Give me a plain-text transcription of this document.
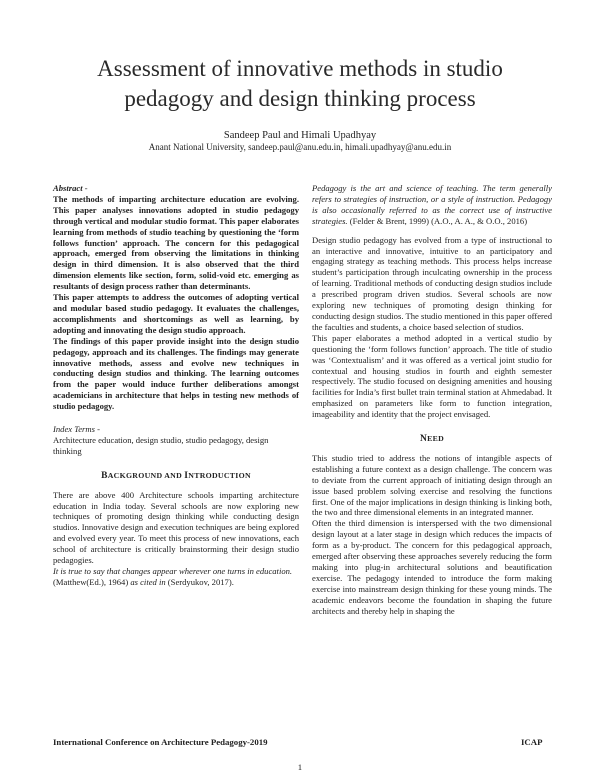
Assessment of innovative methods in studio pedagogy and design thinking process
Sandeep Paul and Himali Upadhyay
Anant National University, sandeep.paul@anu.edu.in, himali.upadhyay@anu.edu.in

Abstract -

The methods of imparting architecture education are evolving. This paper analyses innovations adopted in studio pedagogy through vertical and modular studio format. This paper elaborates learning from methods of studio teaching by questioning the ‘form follows function’ approach. The concern for this pedagogical approach, emerged from observing the limitations in thinking design in third dimension. It is also observed that the third dimension elements like section, form, solid-void etc. emerging as resultants of design process rather than determinants.

This paper attempts to address the outcomes of adopting vertical and modular based studio pedagogy. It evaluates the challenges, accomplishments and shortcomings as well as learning, by adopting and innovating the design studio approach.

The findings of this paper provide insight into the design studio pedagogy, approach and its challenges. The findings may generate innovative methods, assess and evolve new techniques in conducting design studios and thinking. The learning outcomes from the paper would induce further deliberations amongst academicians in architecture that helps in testing new methods of studio pedagogy.

Index Terms -

Architecture education, design studio, studio pedagogy, design thinking

BACKGROUND AND INTRODUCTION

There are above 400 Architecture schools imparting architecture education in India today. Several schools are now exploring new techniques of promoting design thinking while conducting design studios. Innovative design and execution techniques are being explored and evolved every year. To meet this process of new innovations, each school of architecture is critically brainstorming their design studio pedagogies.

It is true to say that changes appear wherever one turns in education. (Matthew(Ed.), 1964) as cited in (Serdyukov, 2017).

Pedagogy is the art and science of teaching. The term generally refers to strategies of instruction, or a style of instruction. Pedagogy is also occasionally referred to as the correct use of instructive strategies. (Felder & Brent, 1999) (A.O., A. A., & O.O., 2016)

Design studio pedagogy has evolved from a type of instructional to an interactive and innovative, intuitive to an participatory and engaging strategy as teaching methods. This process helps increase student’s participation through inculcating ownership in the process of learning. Traditional methods of conducting design studios include a prescribed program driven studios. Several schools are now exploring new techniques of promoting design thinking for conducting design studios. The studio mentioned in this paper offered the faculties and students, a choice based selection of studios.

This paper elaborates a method adopted in a vertical studio by questioning the ‘form follows function’ approach. The title of studio was ‘Contextualism’ and it was offered as a vertical joint studio for contextual and housing studios in fourth and eighth semester respectively. The studio focused on designing amenities and housing facilities for India’s first bullet train terminal station at Ahmedabad. It emphasized on parameters like form to function integration, imageability and identity that the project envisaged.

NEED

This studio tried to address the notions of intangible aspects of establishing a future context as a design challenge. The concern was to deviate from the current approach of initiating design through an issue based problem solving exercise and resolving the functions first. One of the major implications in design thinking is linking both, the two and three dimensional elements in an integrated manner.

Often the third dimension is interspersed with the two dimensional design layout at a later stage in design which reduces the impacts of form as a by-product. The concern for this pedagogical approach, emerged after observing these approaches severely reducing the form making into plug-in architectural solutions and beautification exercise. The pedagogy intended to introduce the form making exercise into mainstream design thinking for these young minds. The academic endeavors become the foundation in shaping the future architects and thereby help in shaping the

International Conference on Architecture Pedagogy-2019	ICAP
1
